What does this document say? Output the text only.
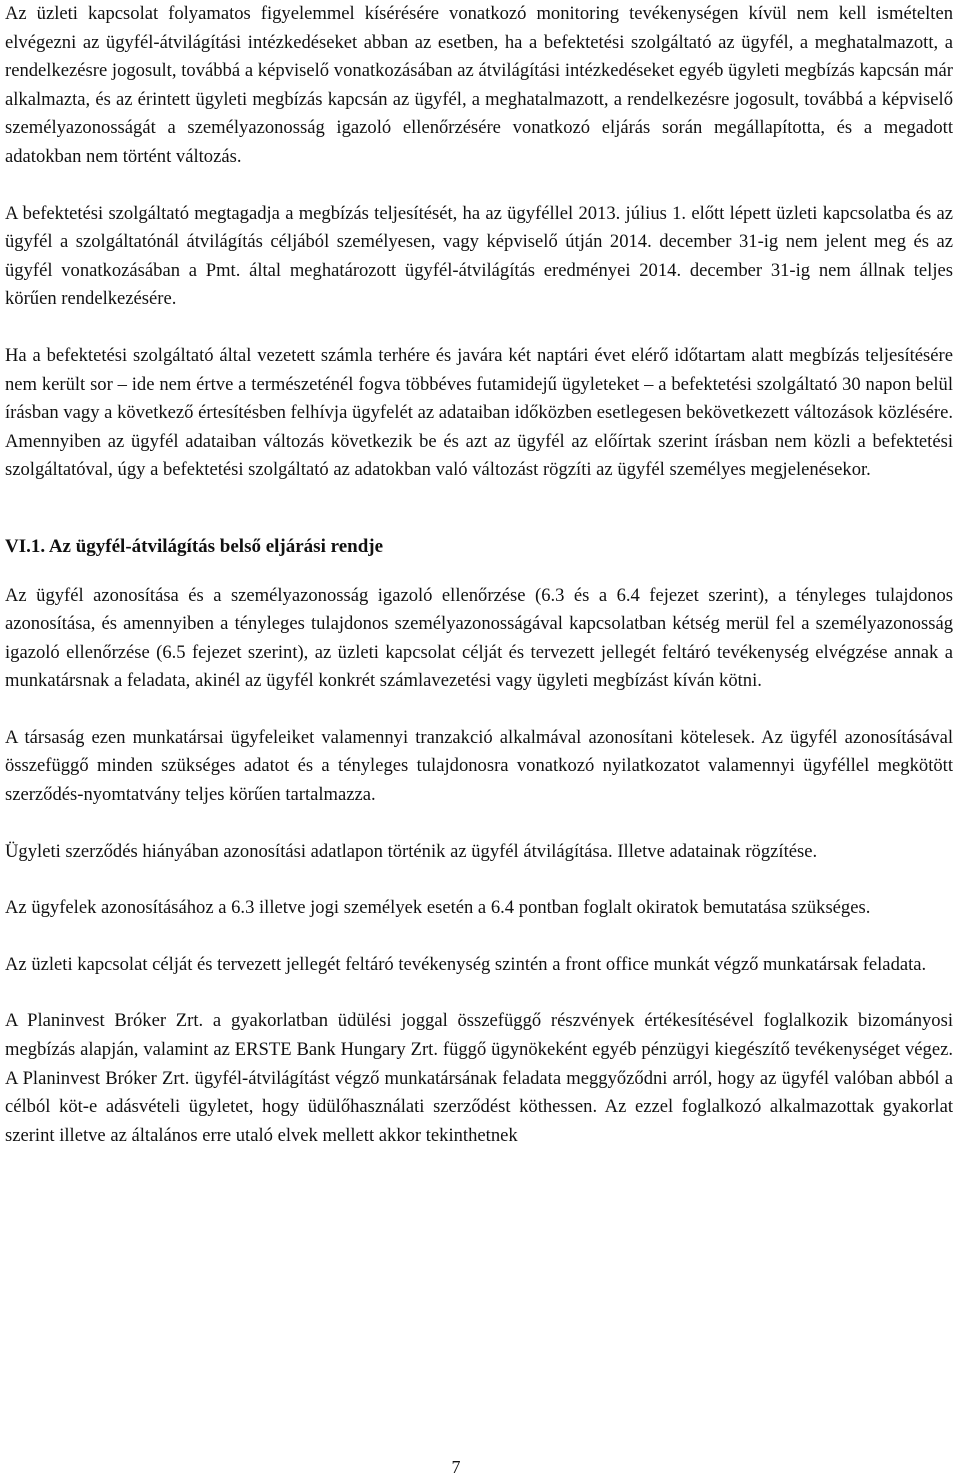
Az üzleti kapcsolat folyamatos figyelemmel kísérésére vonatkozó monitoring tevékenységen kívül nem kell ismételten elvégezni az ügyfél-átvilágítási intézkedéseket abban az esetben, ha a befektetési szolgáltató az ügyfél, a meghatalmazott, a rendelkezésre jogosult, továbbá a képviselő vonatkozásában az átvilágítási intézkedéseket egyéb ügyleti megbízás kapcsán már alkalmazta, és az érintett ügyleti megbízás kapcsán az ügyfél, a meghatalmazott, a rendelkezésre jogosult, továbbá a képviselő személyazonosságát a személyazonosság igazoló ellenőrzésére vonatkozó eljárás során megállapította, és a megadott adatokban nem történt változás.

A befektetési szolgáltató megtagadja a megbízás teljesítését, ha az ügyféllel 2013. július 1. előtt lépett üzleti kapcsolatba és az ügyfél a szolgáltatónál átvilágítás céljából személyesen, vagy képviselő útján 2014. december 31-ig nem jelent meg és az ügyfél vonatkozásában a Pmt. által meghatározott ügyfél-átvilágítás eredményei 2014. december 31-ig nem állnak teljes körűen rendelkezésére.

Ha a befektetési szolgáltató által vezetett számla terhére és javára két naptári évet elérő időtartam alatt megbízás teljesítésére nem került sor – ide nem értve a természeténél fogva többéves futamidejű ügyleteket – a befektetési szolgáltató 30 napon belül írásban vagy a következő értesítésben felhívja ügyfelét az adataiban időközben esetlegesen bekövetkezett változások közlésére. Amennyiben az ügyfél adataiban változás következik be és azt az ügyfél az előírtak szerint írásban nem közli a befektetési szolgáltatóval, úgy a befektetési szolgáltató az adatokban való változást rögzíti az ügyfél személyes megjelenésekor.

VI.1. Az ügyfél-átvilágítás belső eljárási rendje

Az ügyfél azonosítása és a személyazonosság igazoló ellenőrzése (6.3 és a 6.4 fejezet szerint), a tényleges tulajdonos azonosítása, és amennyiben a tényleges tulajdonos személyazonosságával kapcsolatban kétség merül fel a személyazonosság igazoló ellenőrzése (6.5 fejezet szerint), az üzleti kapcsolat célját és tervezett jellegét feltáró tevékenység elvégzése annak a munkatársnak a feladata, akinél az ügyfél konkrét számlavezetési vagy ügyleti megbízást kíván kötni.

A társaság ezen munkatársai ügyfeleiket valamennyi tranzakció alkalmával azonosítani kötelesek. Az ügyfél azonosításával összefüggő minden szükséges adatot és a tényleges tulajdonosra vonatkozó nyilatkozatot valamennyi ügyféllel megkötött szerződés-nyomtatvány teljes körűen tartalmazza.

Ügyleti szerződés hiányában azonosítási adatlapon történik az ügyfél átvilágítása. Illetve adatainak rögzítése.

Az ügyfelek azonosításához a 6.3 illetve jogi személyek esetén a 6.4 pontban foglalt okiratok bemutatása szükséges.

Az üzleti kapcsolat célját és tervezett jellegét feltáró tevékenység szintén a front office munkát végző munkatársak feladata.

A Planinvest Bróker Zrt. a gyakorlatban üdülési joggal összefüggő részvények értékesítésével foglalkozik bizományosi megbízás alapján, valamint az ERSTE Bank Hungary Zrt. függő ügynökeként egyéb pénzügyi kiegészítő tevékenységet végez. A Planinvest Bróker Zrt. ügyfél-átvilágítást végző munkatársának feladata meggyőződni arról, hogy az ügyfél valóban abból a célból köt-e adásvételi ügyletet, hogy üdülőhasználati szerződést köthessen. Az ezzel foglalkozó alkalmazottak gyakorlat szerint illetve az általános erre utaló elvek mellett akkor tekinthetnek

7
